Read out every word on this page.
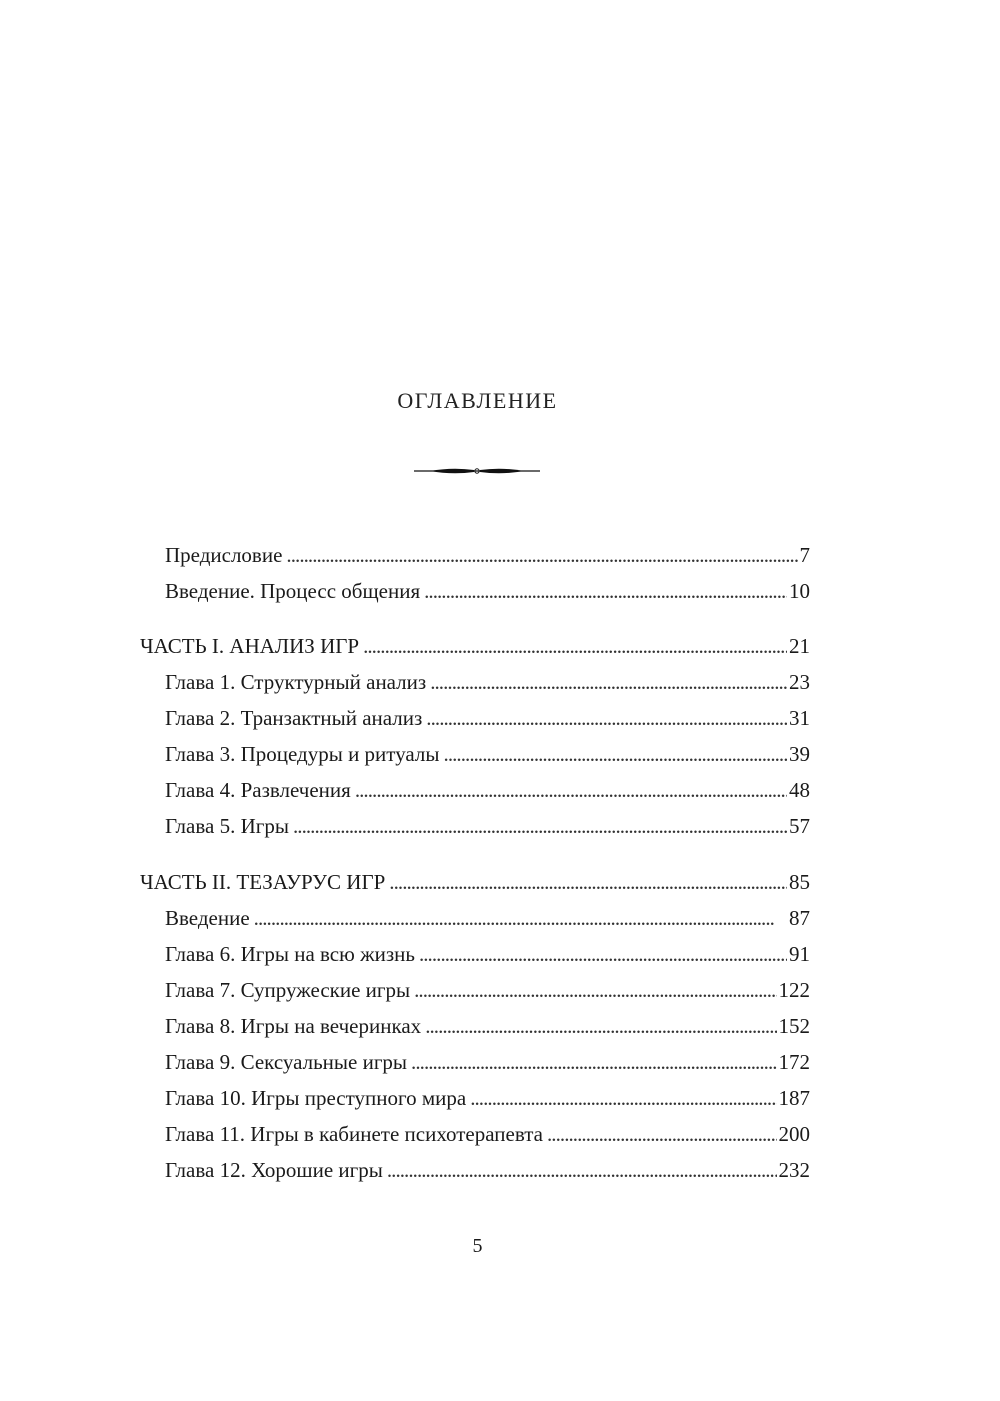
ОГЛАВЛЕНИЕ
Предисловие . . .	7
Введение. Процесс общения . . .	10
ЧАСТЬ I. АНАЛИЗ ИГР . . .	21
Глава 1. Структурный анализ . . .	23
Глава 2. Транзактный анализ . . .	31
Глава 3. Процедуры и ритуалы . . .	39
Глава 4. Развлечения . . .	48
Глава 5. Игры . . .	57
ЧАСТЬ II. ТЕЗАУРУС ИГР . . .	85
Введение . . .	87
Глава 6. Игры на всю жизнь . . .	91
Глава 7. Супружеские игры . . .	122
Глава 8. Игры на вечеринках . . .	152
Глава 9. Сексуальные игры . . .	172
Глава 10. Игры преступного мира . . .	187
Глава 11. Игры в кабинете психотерапевта . . .	200
Глава 12. Хорошие игры . . .	232
5
